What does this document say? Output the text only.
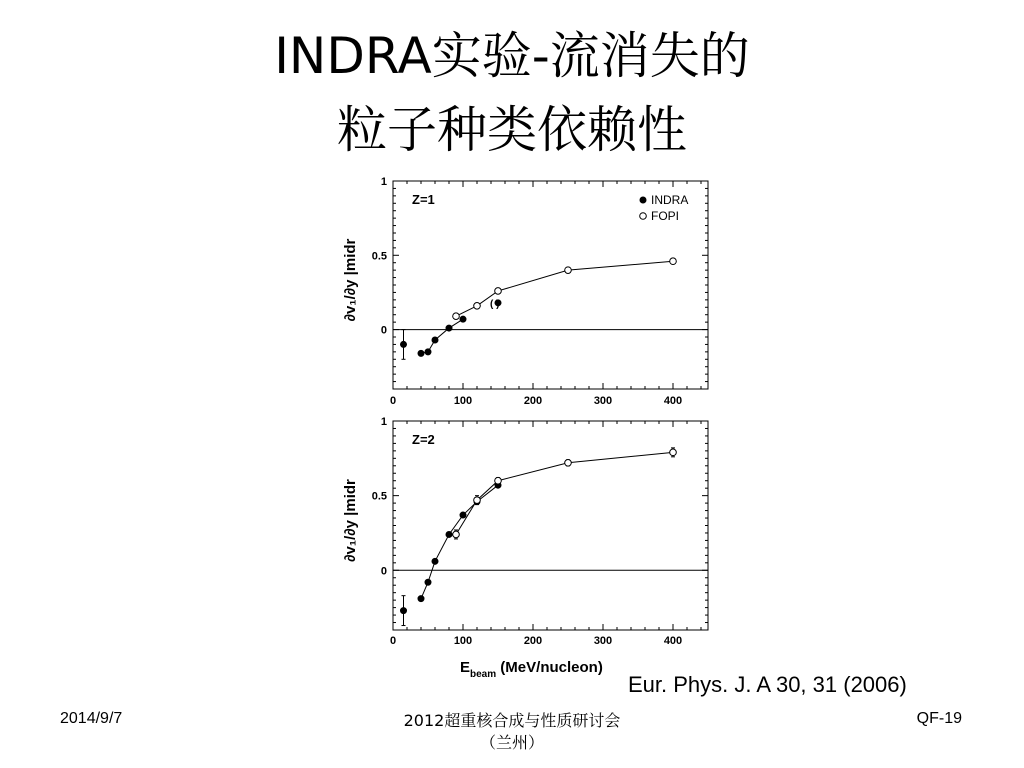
INDRA实验-流消失的
粒子种类依赖性
0	100	200	300	400
0
0.5
1
Z=1
∂v₁/∂y |midr	( )
INDRA
FOPI
0	100	200	300	400
0
0.5
1
Z=2
∂v₁/∂y |midr
$E_{beam}$ (MeV/nucleon)
Eur. Phys. J. A 30, 31 (2006)
2014/9/7	2012超重核合成与性质研讨会
（兰州）
QF-19
